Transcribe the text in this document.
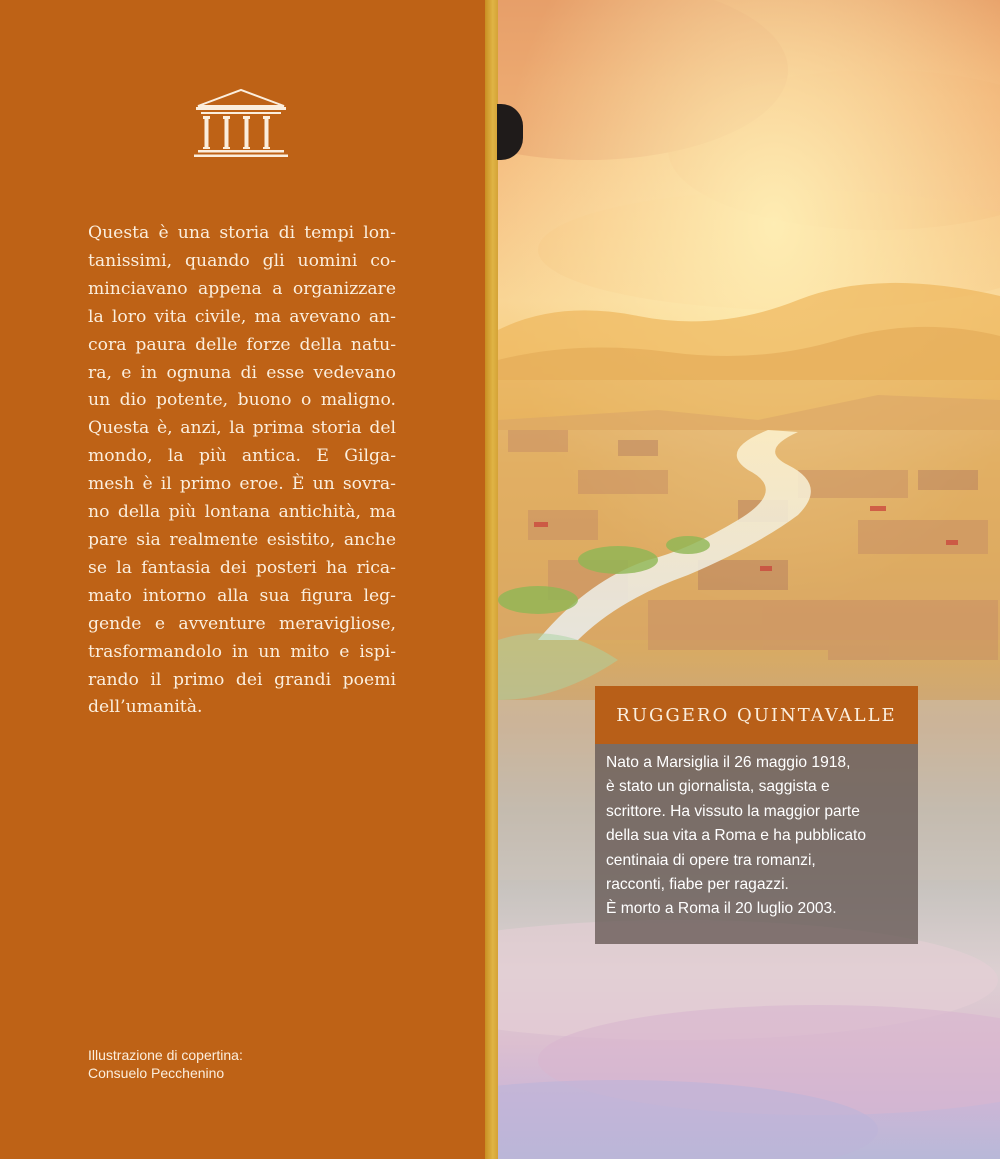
Questa è una storia di tempi lon- tanissimi, quando gli uomini co- minciavano appena a organizzare la loro vita civile, ma avevano an- cora paura delle forze della natu- ra, e in ognuna di esse vedevano un dio potente, buono o maligno. Questa è, anzi, la prima storia del mondo, la più antica. E Gilga- mesh è il primo eroe. È un sovra- no della più lontana antichità, ma pare sia realmente esistito, anche se la fantasia dei posteri ha rica- mato intorno alla sua figura leg- gende e avventure meravigliose, trasformandolo in un mito e ispi- rando il primo dei grandi poemi dell’umanità.

Illustrazione di copertina:
Consuelo Pecchenino
RUGGERO QUINTAVALLE
Nato a Marsiglia il 26 maggio 1918,
è stato un giornalista, saggista e
scrittore. Ha vissuto la maggior parte
della sua vita a Roma e ha pubblicato
centinaia di opere tra romanzi,
racconti, fiabe per ragazzi.
È morto a Roma il 20 luglio 2003.
